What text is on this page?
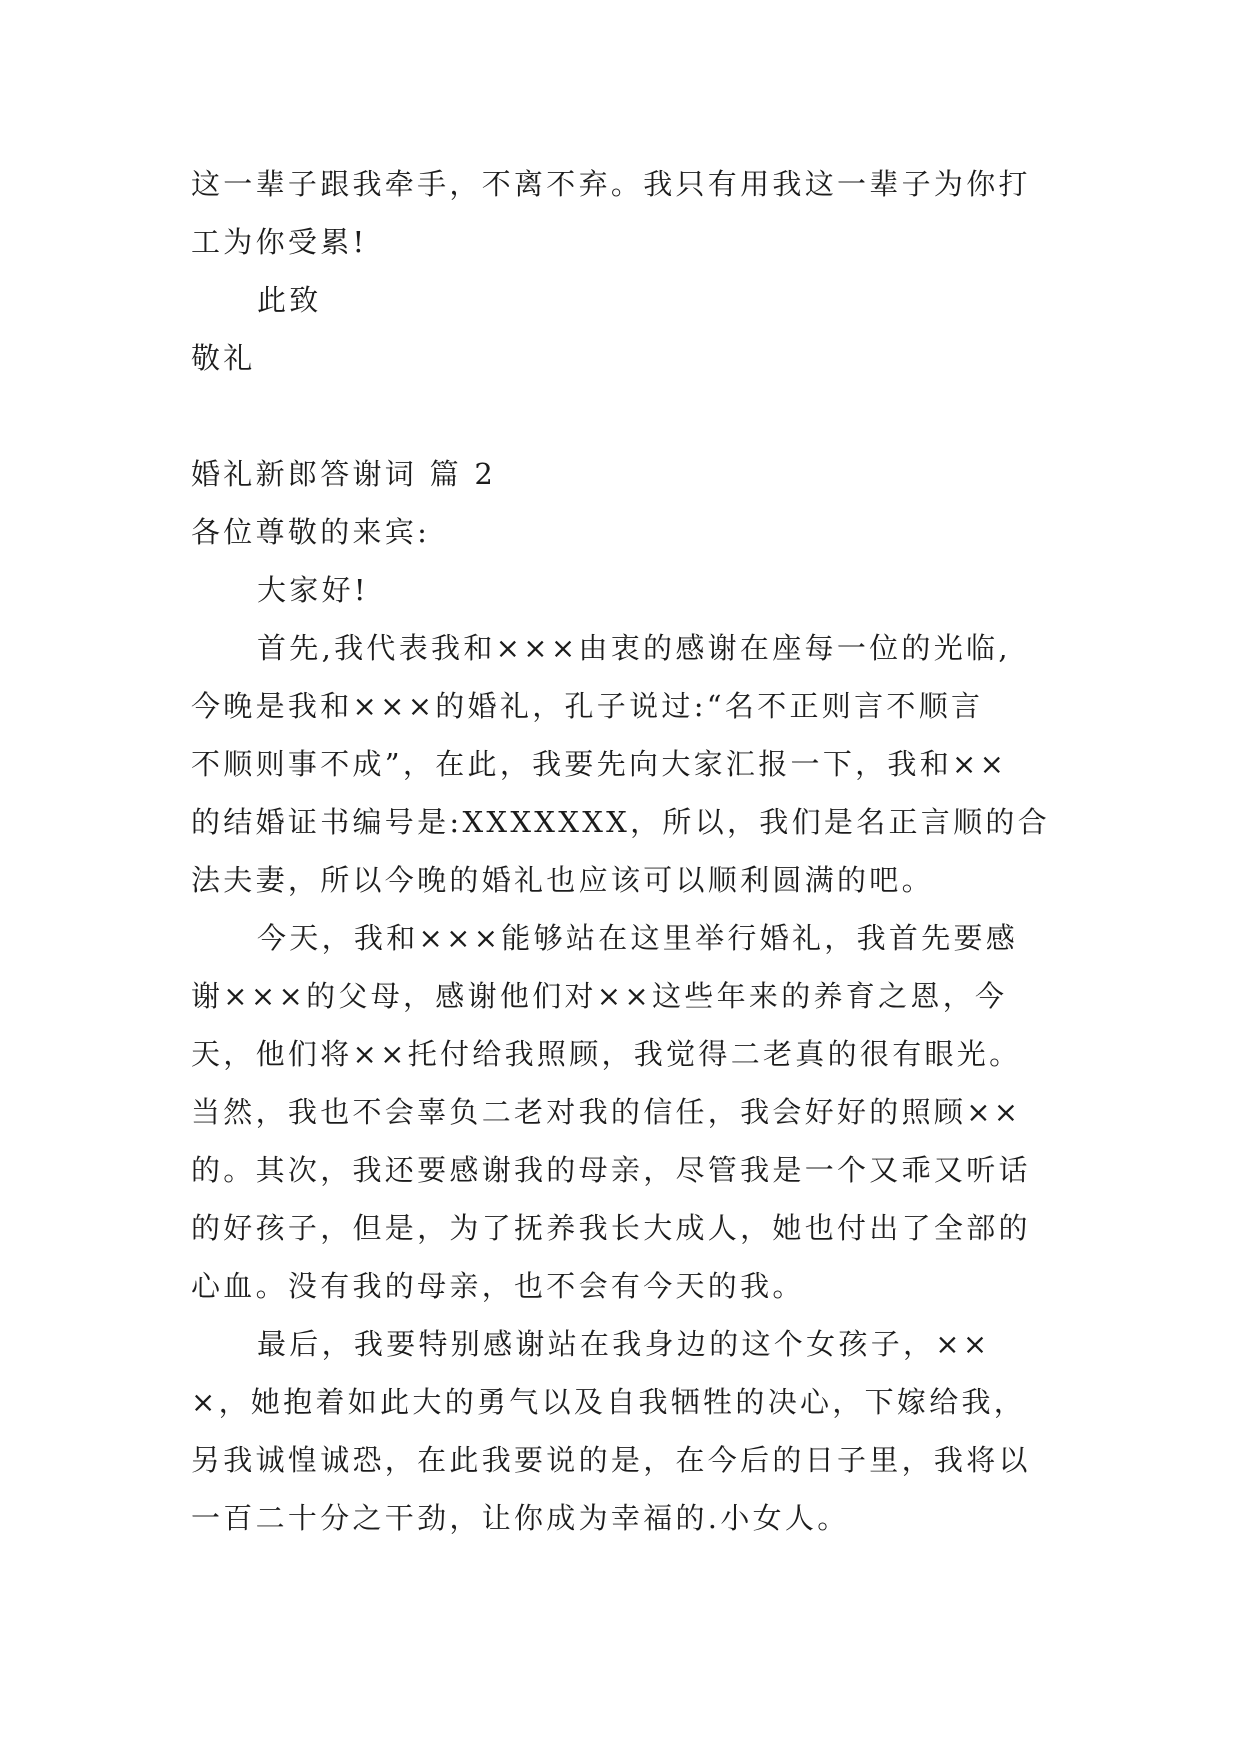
这一辈子跟我牵手，不离不弃。我只有用我这一辈子为你打
工为你受累!
此致
敬礼
婚礼新郎答谢词 篇 2
各位尊敬的来宾:
大家好!
首先,我代表我和×××由衷的感谢在座每一位的光临,
今晚是我和×××的婚礼，孔子说过:“名不正则言不顺言
不顺则事不成”，在此，我要先向大家汇报一下，我和××
的结婚证书编号是:XXXXXXX，所以，我们是名正言顺的合
法夫妻，所以今晚的婚礼也应该可以顺利圆满的吧。
今天，我和×××能够站在这里举行婚礼，我首先要感
谢×××的父母，感谢他们对××这些年来的养育之恩，今
天，他们将××托付给我照顾，我觉得二老真的很有眼光。
当然，我也不会辜负二老对我的信任，我会好好的照顾××
的。其次，我还要感谢我的母亲，尽管我是一个又乖又听话
的好孩子，但是，为了抚养我长大成人，她也付出了全部的
心血。没有我的母亲，也不会有今天的我。
最后，我要特别感谢站在我身边的这个女孩子，××
×，她抱着如此大的勇气以及自我牺牲的决心，下嫁给我，
另我诚惶诚恐，在此我要说的是，在今后的日子里，我将以
一百二十分之干劲，让你成为幸福的.小女人。
